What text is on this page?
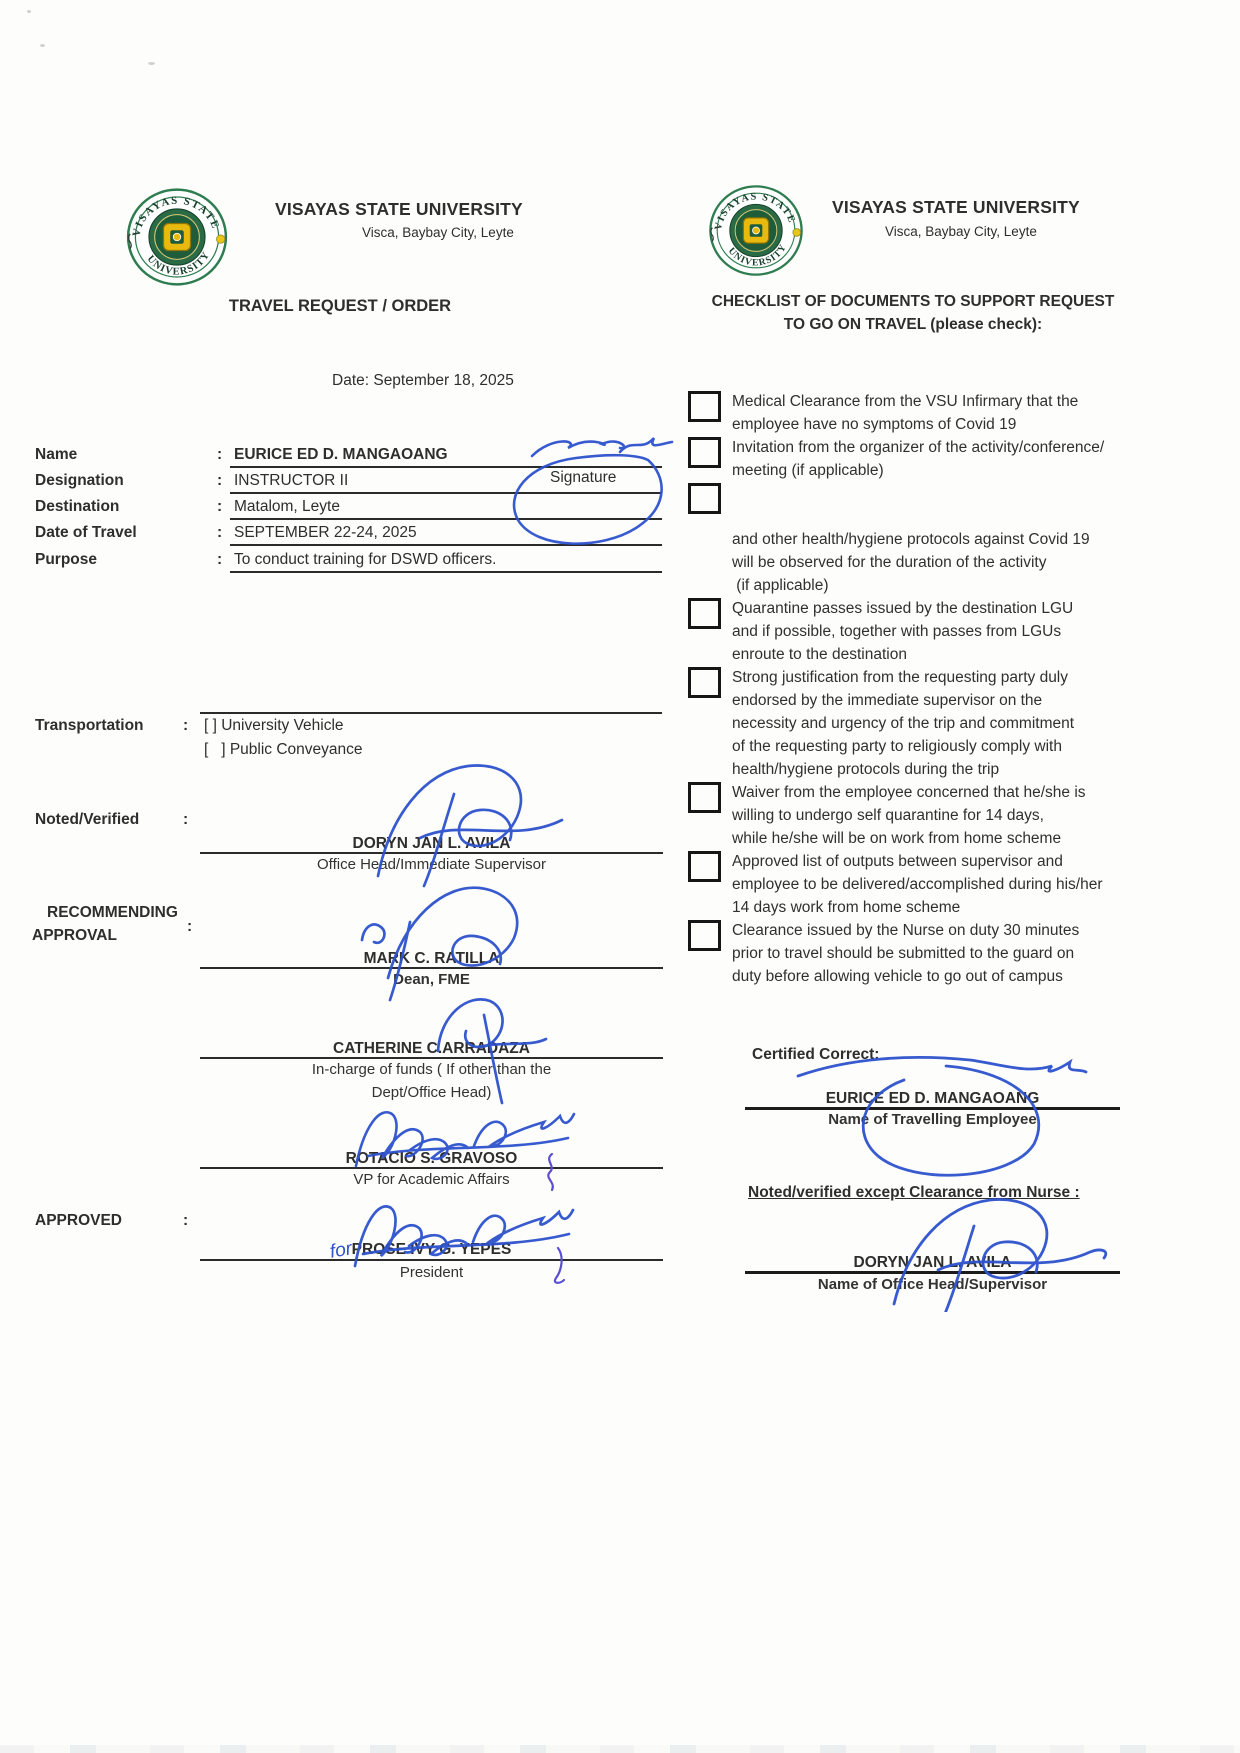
VISAYAS STATE UNIVERSITY
Visca, Baybay City, Leyte
TRAVEL REQUEST / ORDER
Date: September 18, 2025
Name	: EURICE ED D. MANGAOANG
Designation	: INSTRUCTOR II
Destination	: Matalom, Leyte
Date of Travel	: SEPTEMBER 22-24, 2025
Purpose	: To conduct training for DSWD officers.
Signature
Transportation	: [ ] University Vehicle
[   ] Public Conveyance
Noted/Verified	:
DORYN JAN L. AVILA
Office Head/Immediate Supervisor
RECOMMENDING
APPROVAL
:
MARK C. RATILLA
Dean, FME
CATHERINE C.ARRADAZA
In-charge of funds ( If other than the
Dept/Office Head)
ROTACIO S. GRAVOSO
VP for Academic Affairs
APPROVED	:
PROSE IVY G. YEPES
President
for
VISAYAS STATE UNIVERSITY
Visca, Baybay City, Leyte
CHECKLIST OF DOCUMENTS TO SUPPORT REQUEST
TO GO ON TRAVEL (please check):
Medical Clearance from the VSU Infirmary that the
employee have no symptoms of Covid 19
Invitation from the organizer of the activity/conference/
meeting (if applicable)
and other health/hygiene protocols against Covid 19
will be observed for the duration of the activity
(if applicable)
Quarantine passes issued by the destination LGU
and if possible, together with passes from LGUs
enroute to the destination
Strong justification from the requesting party duly
endorsed by the immediate supervisor on the
necessity and urgency of the trip and commitment
of the requesting party to religiously comply with
health/hygiene protocols during the trip
Waiver from the employee concerned that he/she is
willing to undergo self quarantine for 14 days,
while he/she will be on work from home scheme
Approved list of outputs between supervisor and
employee to be delivered/accomplished during his/her
14 days work from home scheme
Clearance issued by the Nurse on duty 30 minutes
prior to travel should be submitted to the guard on
duty before allowing vehicle to go out of campus
Certified Correct:
EURICE ED D. MANGAOANG
Name of Travelling Employee
Noted/verified except Clearance from Nurse :
DORYN JAN L. AVILA
Name of Office Head/Supervisor
